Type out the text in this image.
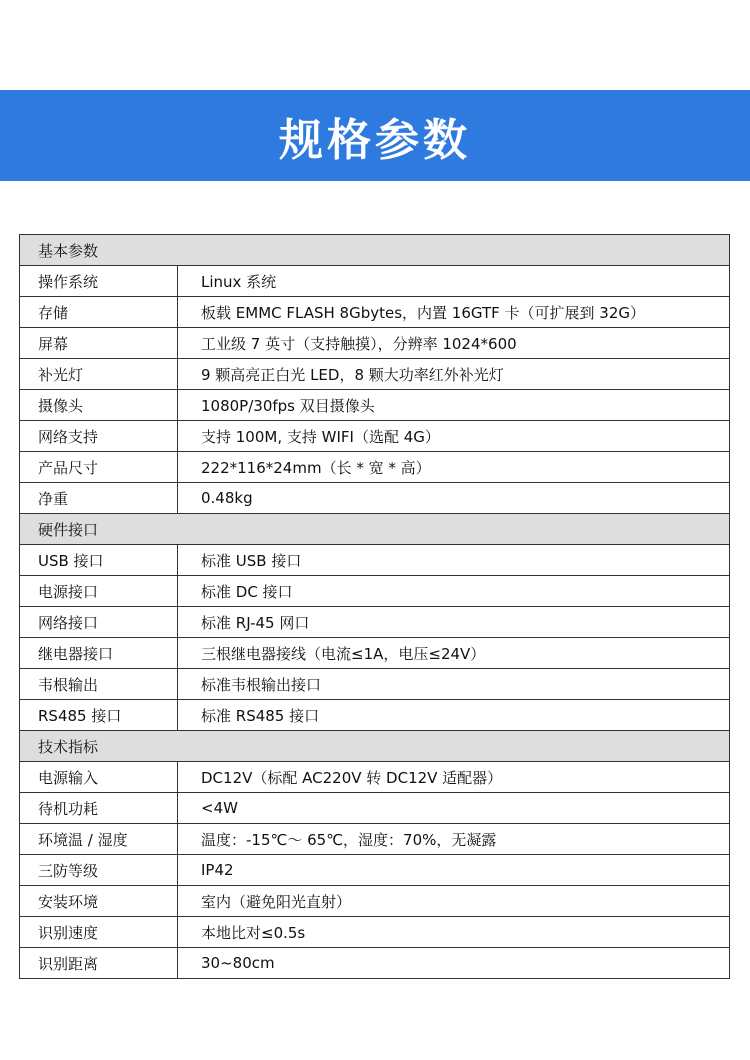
规格参数
基本参数	
操作系统	Linux 系统
存储	板载 EMMC FLASH 8Gbytes，内置 16GTF 卡（可扩展到 32G）
屏幕	工业级 7 英寸（支持触摸），分辨率 1024*600
补光灯	9 颗高亮正白光 LED，8 颗大功率红外补光灯
摄像头	1080P/30fps 双目摄像头
网络支持	支持 100M, 支持 WIFI（选配 4G）
产品尺寸	222*116*24mm（长 * 宽 * 高）
净重	0.48kg
硬件接口	
USB 接口	标准 USB 接口
电源接口	标准 DC 接口
网络接口	标准 RJ-45 网口
继电器接口	三根继电器接线（电流≤1A，电压≤24V）
韦根输出	标准韦根输出接口
RS485 接口	标准 RS485 接口
技术指标	
电源输入	DC12V（标配 AC220V 转 DC12V 适配器）
待机功耗	<4W
环境温 / 湿度	温度：-15℃～ 65℃，湿度：70%，无凝露
三防等级	IP42
安装环境	室内（避免阳光直射）
识别速度	本地比对≤0.5s
识别距离	30~80cm
